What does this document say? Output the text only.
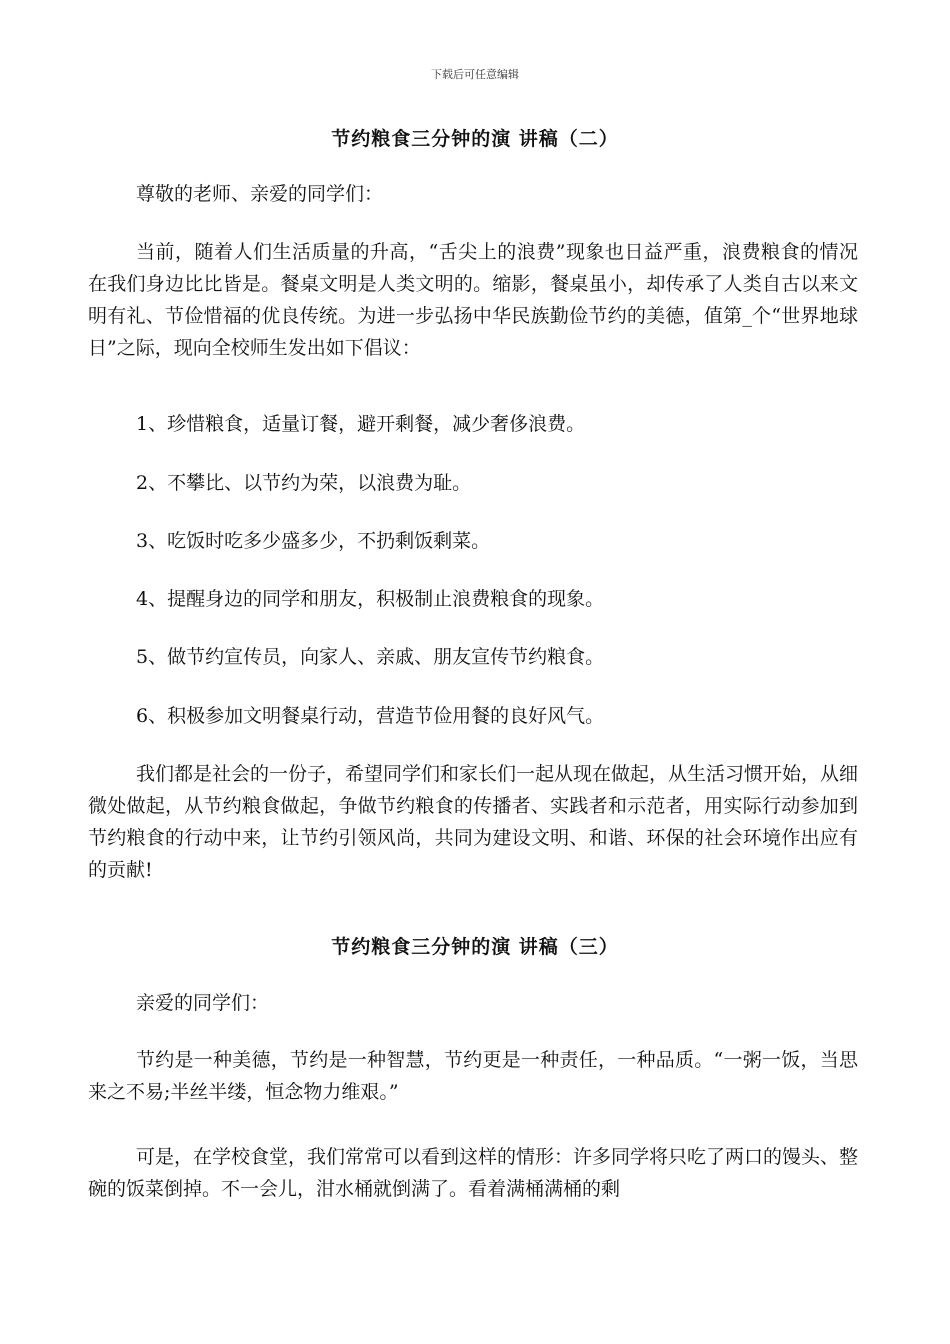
下载后可任意编辑
节约粮食三分钟的演 讲稿（二）

尊敬的老师、亲爱的同学们：

当前，随着人们生活质量的升高，“舌尖上的浪费”现象也日益严重，浪费粮食的情况在我们身边比比皆是。餐桌文明是人类文明的。缩影，餐桌虽小，却传承了人类自古以来文明有礼、节俭惜福的优良传统。为进一步弘扬中华民族勤俭节约的美德，值第_个“世界地球日”之际，现向全校师生发出如下倡议：

1、珍惜粮食，适量订餐，避开剩餐，减少奢侈浪费。

2、不攀比、以节约为荣，以浪费为耻。

3、吃饭时吃多少盛多少，不扔剩饭剩菜。

4、提醒身边的同学和朋友，积极制止浪费粮食的现象。

5、做节约宣传员，向家人、亲戚、朋友宣传节约粮食。

6、积极参加文明餐桌行动，营造节俭用餐的良好风气。

我们都是社会的一份子，希望同学们和家长们一起从现在做起，从生活习惯开始，从细微处做起，从节约粮食做起，争做节约粮食的传播者、实践者和示范者，用实际行动参加到节约粮食的行动中来，让节约引领风尚，共同为建设文明、和谐、环保的社会环境作出应有的贡献!

节约粮食三分钟的演 讲稿（三）

亲爱的同学们：

节约是一种美德，节约是一种智慧，节约更是一种责任，一种品质。“一粥一饭，当思来之不易;半丝半缕，恒念物力维艰。”

可是，在学校食堂，我们常常可以看到这样的情形：许多同学将只吃了两口的馒头、整碗的饭菜倒掉。不一会儿，泔水桶就倒满了。看着满桶满桶的剩
